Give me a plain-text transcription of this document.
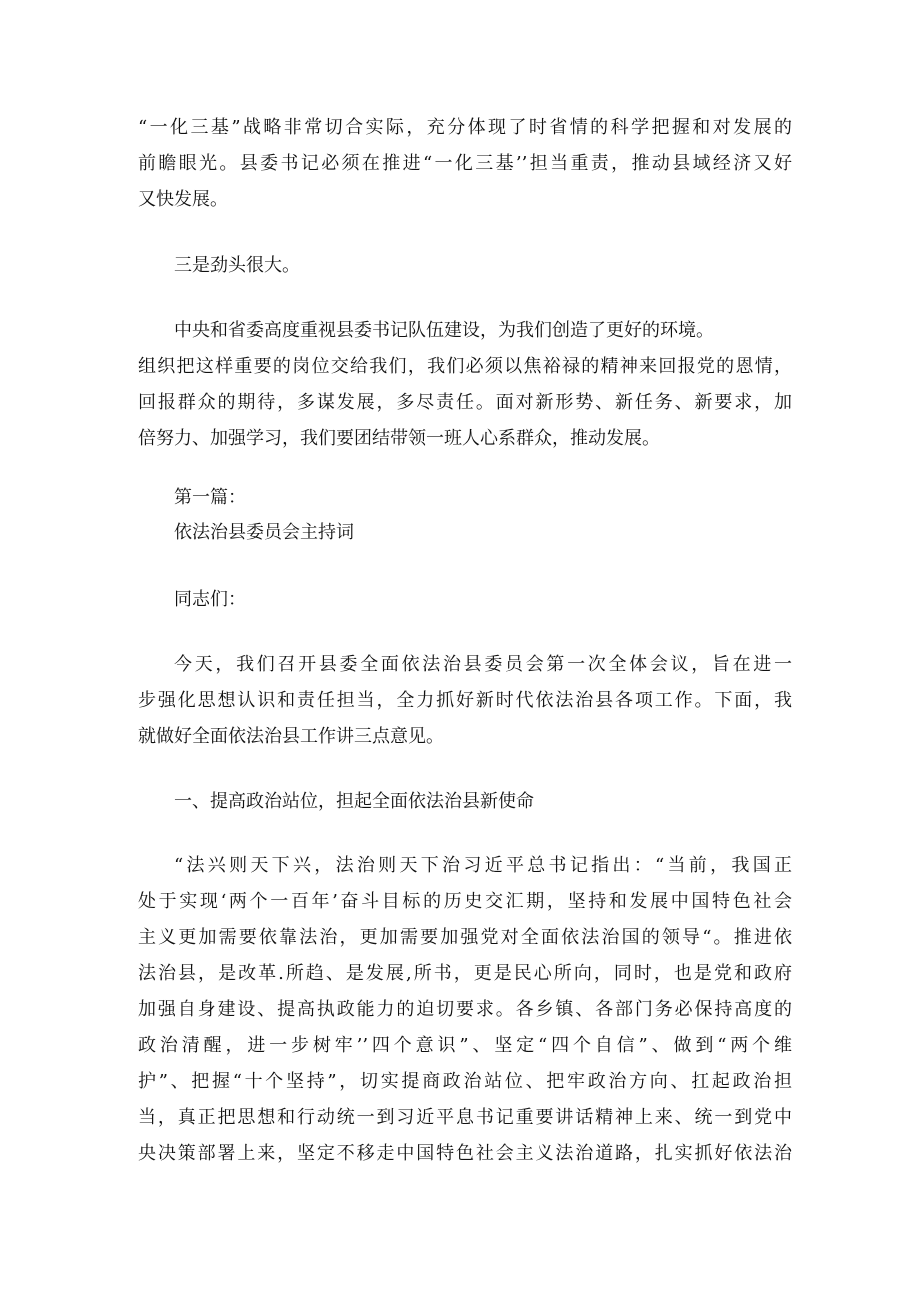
“一化三基”战略非常切合实际，充分体现了时省情的科学把握和对发展的
前瞻眼光。县委书记必须在推进“一化三基’’担当重责，推动县域经济又好
又快发展。

三是劲头很大。

中央和省委高度重视县委书记队伍建设，为我们创造了更好的环境。
组织把这样重要的岗位交给我们，我们必须以焦裕禄的精神来回报党的恩情，
回报群众的期待，多谋发展，多尽责任。面对新形势、新任务、新要求，加
倍努力、加强学习，我们要团结带领一班人心系群众，推动发展。

第一篇：

依法治县委员会主持词

同志们：

今天，我们召开县委全面依法治县委员会第一次全体会议，旨在进一
步强化思想认识和责任担当，全力抓好新时代依法治县各项工作。下面，我
就做好全面依法治县工作讲三点意见。

一、提高政治站位，担起全面依法治县新使命

“法兴则天下兴，法治则天下治习近平总书记指出：“当前，我国正
处于实现‘两个一百年’奋斗目标的历史交汇期，坚持和发展中国特色社会
主义更加需要依靠法治，更加需要加强党对全面依法治国的领导“。推进依
法治县，是改革.所趋、是发展,所书，更是民心所向，同时，也是党和政府
加强自身建设、提高执政能力的迫切要求。各乡镇、各部门务必保持高度的
政治清醒，进一步树牢’’四个意识”、坚定“四个自信”、做到“两个维
护”、把握“十个坚持”，切实提商政治站位、把牢政治方向、扛起政治担
当，真正把思想和行动统一到习近平息书记重要讲话精神上来、统一到党中
央决策部署上来，坚定不移走中国特色社会主义法治道路，扎实抓好依法治
